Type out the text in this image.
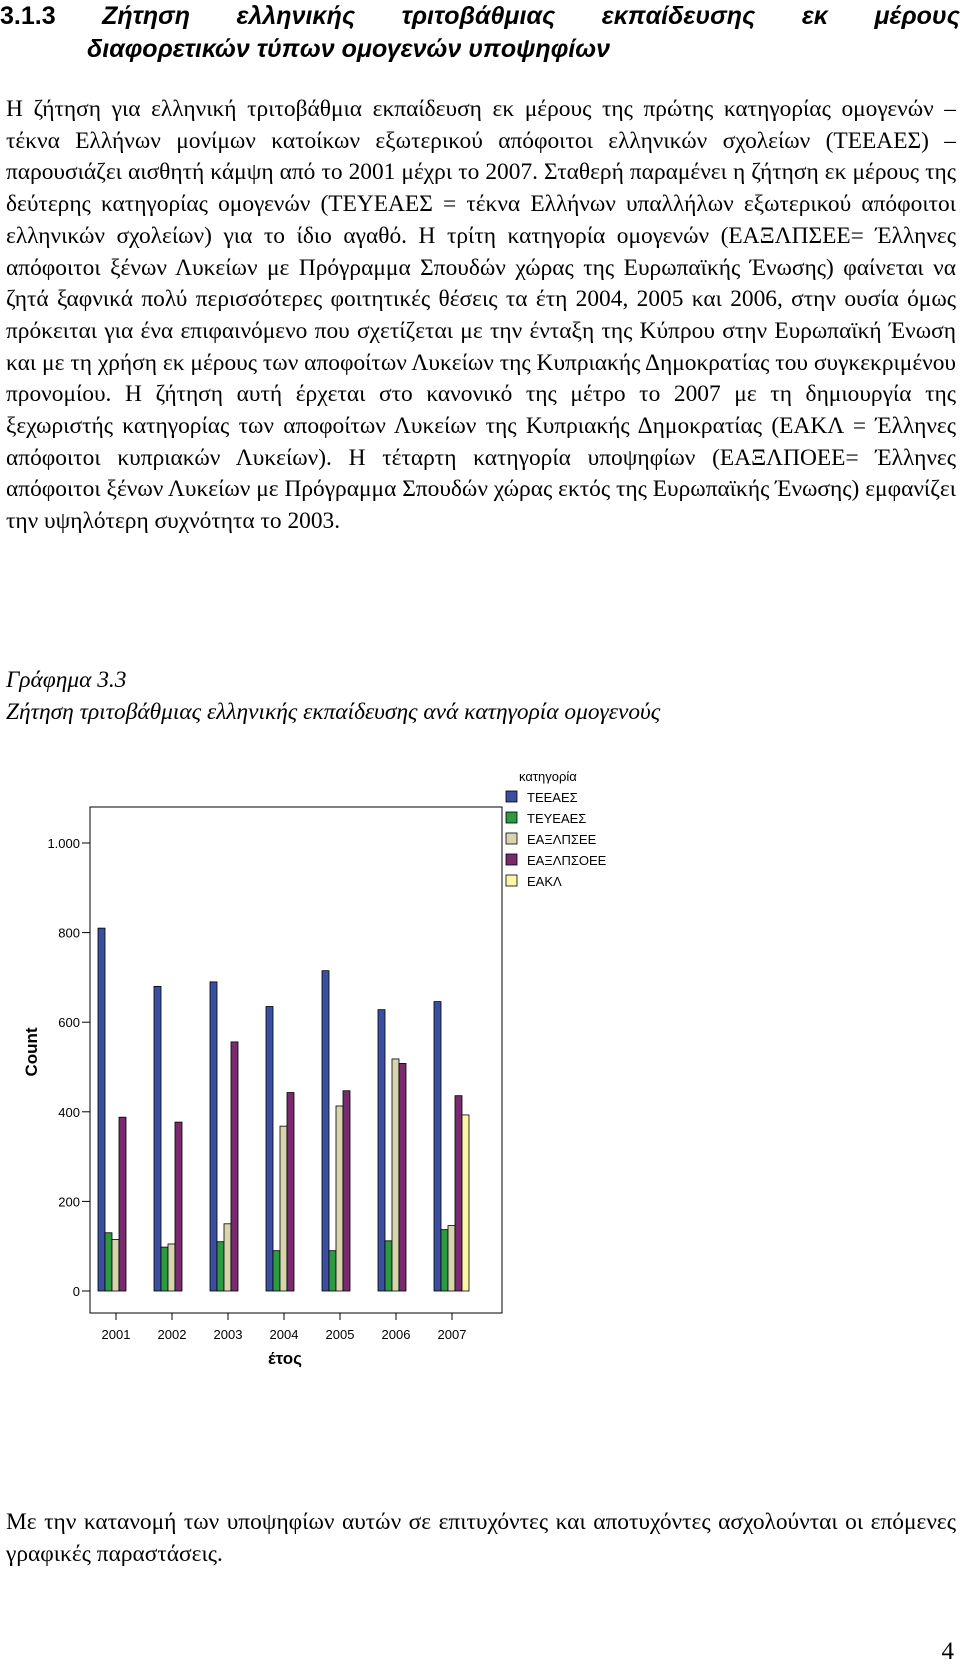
3.1.3 Ζήτηση ελληνικής τριτοβάθμιας εκπαίδευσης εκ μέρους
διαφορετικών τύπων ομογενών υποψηφίων

Η ζήτηση για ελληνική τριτοβάθμια εκπαίδευση εκ μέρους της πρώτης κατηγορίας ομογενών – τέκνα Ελλήνων μονίμων κατοίκων εξωτερικού απόφοιτοι ελληνικών σχολείων (ΤΕΕΑΕΣ) – παρουσιάζει αισθητή κάμψη από το 2001 μέχρι το 2007. Σταθερή παραμένει η ζήτηση εκ μέρους της δεύτερης κατηγορίας ομογενών (ΤΕΥΕΑΕΣ = τέκνα Ελλήνων υπαλλήλων εξωτερικού απόφοιτοι ελληνικών σχολείων) για το ίδιο αγαθό. Η τρίτη κατηγορία ομογενών (ΕΑΞΛΠΣΕΕ= Έλληνες απόφοιτοι ξένων Λυκείων με Πρόγραμμα Σπουδών χώρας της Ευρωπαϊκής Ένωσης) φαίνεται να ζητά ξαφνικά πολύ περισσότερες φοιτητικές θέσεις τα έτη 2004, 2005 και 2006, στην ουσία όμως πρόκειται για ένα επιφαινόμενο που σχετίζεται με την ένταξη της Κύπρου στην Ευρωπαϊκή Ένωση και με τη χρήση εκ μέρους των αποφοίτων Λυκείων της Κυπριακής Δημοκρατίας του συγκεκριμένου προνομίου. Η ζήτηση αυτή έρχεται στο κανονικό της μέτρο το 2007 με τη δημιουργία της ξεχωριστής κατηγορίας των αποφοίτων Λυκείων της Κυπριακής Δημοκρατίας (ΕΑΚΛ = Έλληνες απόφοιτοι κυπριακών Λυκείων). Η τέταρτη κατηγορία υποψηφίων (ΕΑΞΛΠΟΕΕ= Έλληνες απόφοιτοι ξένων Λυκείων με Πρόγραμμα Σπουδών χώρας εκτός της Ευρωπαϊκής Ένωσης) εμφανίζει την υψηλότερη συχνότητα το 2003.

Γράφημα 3.3
Ζήτηση τριτοβάθμιας ελληνικής εκπαίδευσης ανά κατηγορία ομογενούς
0
200
400
600
800
1.000
Count
2001 2002 2003 2004 2005 2006 2007
έτος
κατηγορία
ΤΕΕΑΕΣ
ΤΕΥΕΑΕΣ
ΕΑΞΛΠΣΕΕ
ΕΑΞΛΠΣΟΕΕ
ΕΑΚΛ

Με την κατανομή των υποψηφίων αυτών σε επιτυχόντες και αποτυχόντες ασχολούνται οι επόμενες γραφικές παραστάσεις.

4
